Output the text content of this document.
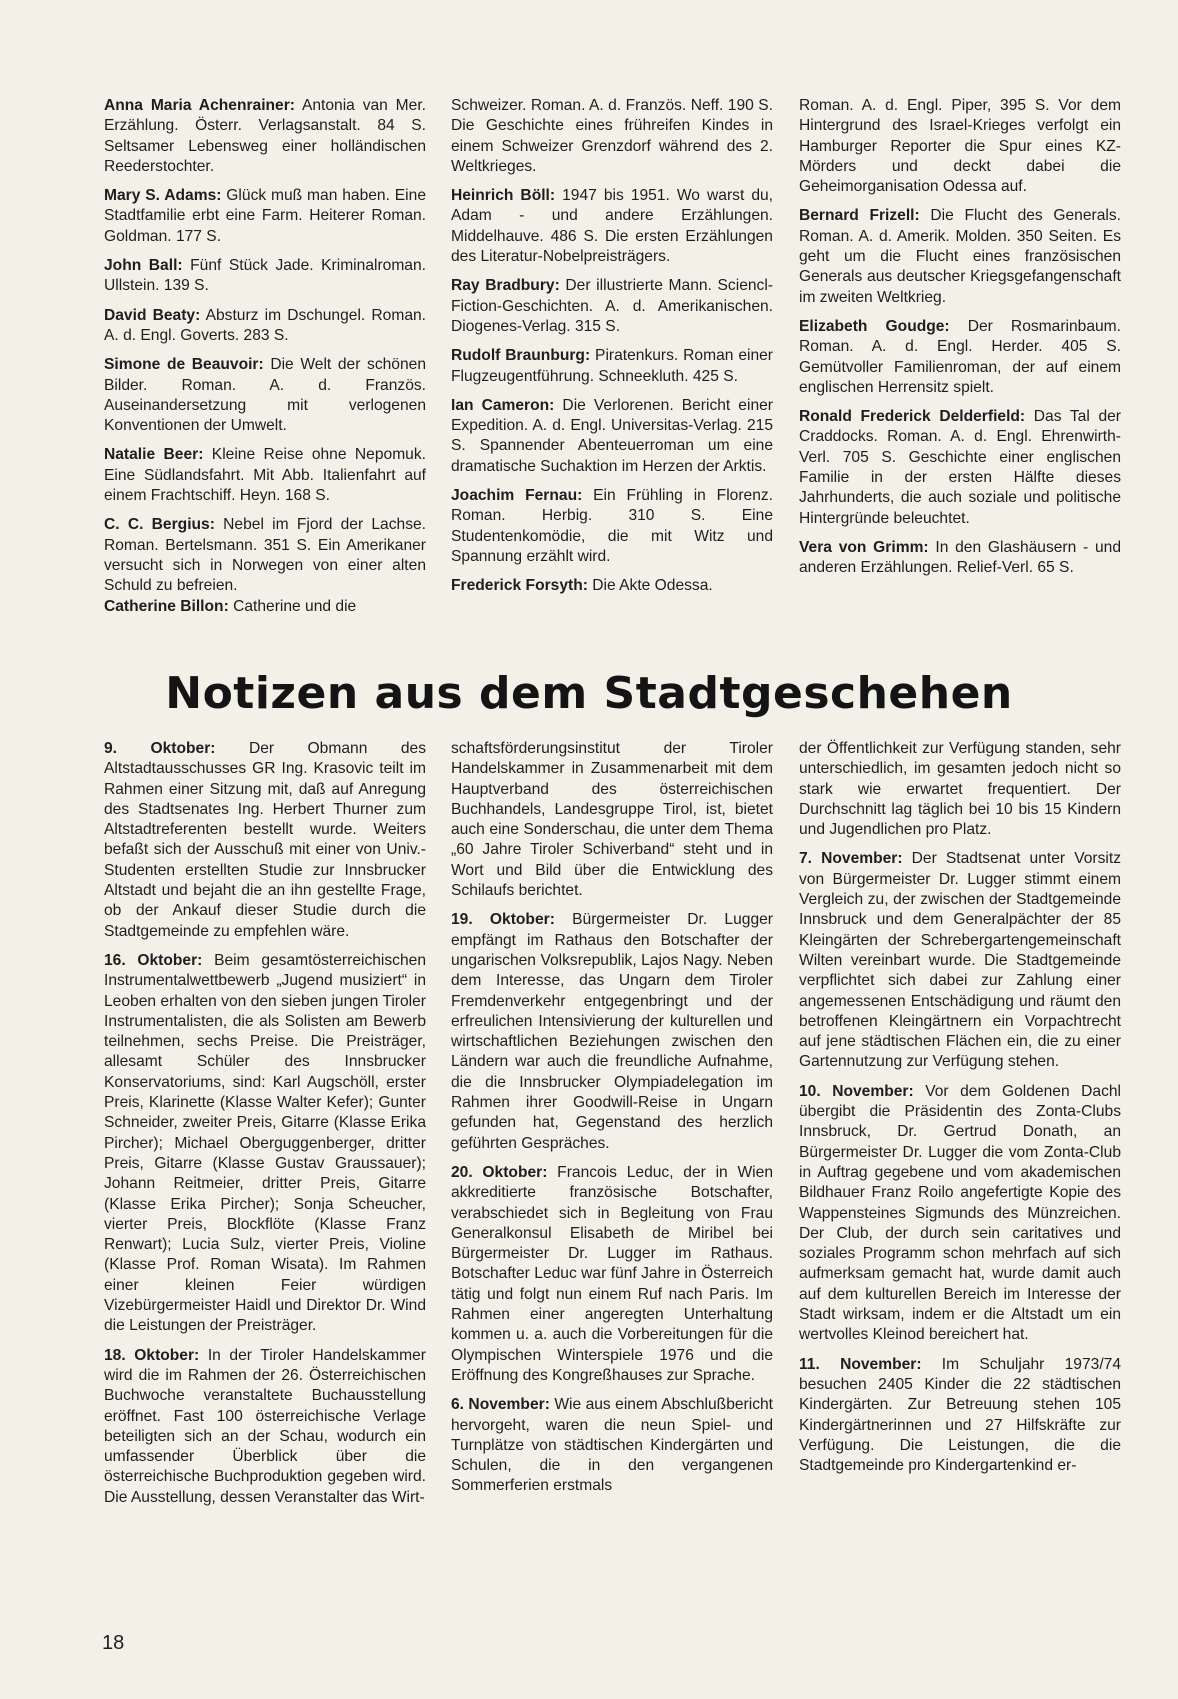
Anna Maria Achenrainer: Antonia van Mer. Erzählung. Österr. Verlagsanstalt. 84 S. Seltsamer Lebensweg einer holländischen Reederstochter.

Mary S. Adams: Glück muß man haben. Eine Stadtfamilie erbt eine Farm. Heiterer Roman. Goldman. 177 S.

John Ball: Fünf Stück Jade. Kriminalroman. Ullstein. 139 S.

David Beaty: Absturz im Dschungel. Roman. A. d. Engl. Goverts. 283 S.

Simone de Beauvoir: Die Welt der schönen Bilder. Roman. A. d. Französ. Auseinandersetzung mit verlogenen Konventionen der Umwelt.

Natalie Beer: Kleine Reise ohne Nepomuk. Eine Südlandsfahrt. Mit Abb. Italienfahrt auf einem Frachtschiff. Heyn. 168 S.

C. C. Bergius: Nebel im Fjord der Lachse. Roman. Bertelsmann. 351 S. Ein Amerikaner versucht sich in Norwegen von einer alten Schuld zu befreien.

Catherine Billon: Catherine und die

Schweizer. Roman. A. d. Französ. Neff. 190 S. Die Geschichte eines frühreifen Kindes in einem Schweizer Grenzdorf während des 2. Weltkrieges.

Heinrich Böll: 1947 bis 1951. Wo warst du, Adam - und andere Erzählungen. Middelhauve. 486 S. Die ersten Erzählungen des Literatur-Nobelpreisträgers.

Ray Bradbury: Der illustrierte Mann. Sciencl-Fiction-Geschichten. A. d. Amerikanischen. Diogenes-Verlag. 315 S.

Rudolf Braunburg: Piratenkurs. Roman einer Flugzeugentführung. Schneekluth. 425 S.

Ian Cameron: Die Verlorenen. Bericht einer Expedition. A. d. Engl. Universitas-Verlag. 215 S. Spannender Abenteuerroman um eine dramatische Suchaktion im Herzen der Arktis.

Joachim Fernau: Ein Frühling in Florenz. Roman. Herbig. 310 S. Eine Studentenkomödie, die mit Witz und Spannung erzählt wird.

Frederick Forsyth: Die Akte Odessa.

Roman. A. d. Engl. Piper, 395 S. Vor dem Hintergrund des Israel-Krieges verfolgt ein Hamburger Reporter die Spur eines KZ-Mörders und deckt dabei die Geheimorganisation Odessa auf.

Bernard Frizell: Die Flucht des Generals. Roman. A. d. Amerik. Molden. 350 Seiten. Es geht um die Flucht eines französischen Generals aus deutscher Kriegsgefangenschaft im zweiten Weltkrieg.

Elizabeth Goudge: Der Rosmarinbaum. Roman. A. d. Engl. Herder. 405 S. Gemütvoller Familienroman, der auf einem englischen Herrensitz spielt.

Ronald Frederick Delderfield: Das Tal der Craddocks. Roman. A. d. Engl. Ehrenwirth-Verl. 705 S. Geschichte einer englischen Familie in der ersten Hälfte dieses Jahrhunderts, die auch soziale und politische Hintergründe beleuchtet.

Vera von Grimm: In den Glashäusern - und anderen Erzählungen. Relief-Verl. 65 S.

Notizen aus dem Stadtgeschehen

9. Oktober: Der Obmann des Altstadtausschusses GR Ing. Krasovic teilt im Rahmen einer Sitzung mit, daß auf Anregung des Stadtsenates Ing. Herbert Thurner zum Altstadtreferenten bestellt wurde. Weiters befaßt sich der Ausschuß mit einer von Univ.-Studenten erstellten Studie zur Innsbrucker Altstadt und bejaht die an ihn gestellte Frage, ob der Ankauf dieser Studie durch die Stadtgemeinde zu empfehlen wäre.

16. Oktober: Beim gesamtösterreichischen Instrumentalwettbewerb „Jugend musiziert“ in Leoben erhalten von den sieben jungen Tiroler Instrumentalisten, die als Solisten am Bewerb teilnehmen, sechs Preise. Die Preisträger, allesamt Schüler des Innsbrucker Konservatoriums, sind: Karl Augschöll, erster Preis, Klarinette (Klasse Walter Kefer); Gunter Schneider, zweiter Preis, Gitarre (Klasse Erika Pircher); Michael Oberguggenberger, dritter Preis, Gitarre (Klasse Gustav Graussauer); Johann Reitmeier, dritter Preis, Gitarre (Klasse Erika Pircher); Sonja Scheucher, vierter Preis, Blockflöte (Klasse Franz Renwart); Lucia Sulz, vierter Preis, Violine (Klasse Prof. Roman Wisata). Im Rahmen einer kleinen Feier würdigen Vizebürgermeister Haidl und Direktor Dr. Wind die Leistungen der Preisträger.

18. Oktober: In der Tiroler Handelskammer wird die im Rahmen der 26. Österreichischen Buchwoche veranstaltete Buchausstellung eröffnet. Fast 100 österreichische Verlage beteiligten sich an der Schau, wodurch ein umfassender Überblick über die österreichische Buchproduktion gegeben wird. Die Ausstellung, dessen Veranstalter das Wirt-

schaftsförderungsinstitut der Tiroler Handelskammer in Zusammenarbeit mit dem Hauptverband des österreichischen Buchhandels, Landesgruppe Tirol, ist, bietet auch eine Sonderschau, die unter dem Thema „60 Jahre Tiroler Schiverband“ steht und in Wort und Bild über die Entwicklung des Schilaufs berichtet.

19. Oktober: Bürgermeister Dr. Lugger empfängt im Rathaus den Botschafter der ungarischen Volksrepublik, Lajos Nagy. Neben dem Interesse, das Ungarn dem Tiroler Fremdenverkehr entgegenbringt und der erfreulichen Intensivierung der kulturellen und wirtschaftlichen Beziehungen zwischen den Ländern war auch die freundliche Aufnahme, die die Innsbrucker Olympiadelegation im Rahmen ihrer Goodwill-Reise in Ungarn gefunden hat, Gegenstand des herzlich geführten Gespräches.

20. Oktober: Francois Leduc, der in Wien akkreditierte französische Botschafter, verabschiedet sich in Begleitung von Frau Generalkonsul Elisabeth de Miribel bei Bürgermeister Dr. Lugger im Rathaus. Botschafter Leduc war fünf Jahre in Österreich tätig und folgt nun einem Ruf nach Paris. Im Rahmen einer angeregten Unterhaltung kommen u. a. auch die Vorbereitungen für die Olympischen Winterspiele 1976 und die Eröffnung des Kongreßhauses zur Sprache.

6. November: Wie aus einem Abschlußbericht hervorgeht, waren die neun Spiel- und Turnplätze von städtischen Kindergärten und Schulen, die in den vergangenen Sommerferien erstmals

der Öffentlichkeit zur Verfügung standen, sehr unterschiedlich, im gesamten jedoch nicht so stark wie erwartet frequentiert. Der Durchschnitt lag täglich bei 10 bis 15 Kindern und Jugendlichen pro Platz.

7. November: Der Stadtsenat unter Vorsitz von Bürgermeister Dr. Lugger stimmt einem Vergleich zu, der zwischen der Stadtgemeinde Innsbruck und dem Generalpächter der 85 Kleingärten der Schrebergartengemeinschaft Wilten vereinbart wurde. Die Stadtgemeinde verpflichtet sich dabei zur Zahlung einer angemessenen Entschädigung und räumt den betroffenen Kleingärtnern ein Vorpachtrecht auf jene städtischen Flächen ein, die zu einer Gartennutzung zur Verfügung stehen.

10. November: Vor dem Goldenen Dachl übergibt die Präsidentin des Zonta-Clubs Innsbruck, Dr. Gertrud Donath, an Bürgermeister Dr. Lugger die vom Zonta-Club in Auftrag gegebene und vom akademischen Bildhauer Franz Roilo angefertigte Kopie des Wappensteines Sigmunds des Münzreichen. Der Club, der durch sein caritatives und soziales Programm schon mehrfach auf sich aufmerksam gemacht hat, wurde damit auch auf dem kulturellen Bereich im Interesse der Stadt wirksam, indem er die Altstadt um ein wertvolles Kleinod bereichert hat.

11. November: Im Schuljahr 1973/74 besuchen 2405 Kinder die 22 städtischen Kindergärten. Zur Betreuung stehen 105 Kindergärtnerinnen und 27 Hilfskräfte zur Verfügung. Die Leistungen, die die Stadtgemeinde pro Kindergartenkind er-

18
